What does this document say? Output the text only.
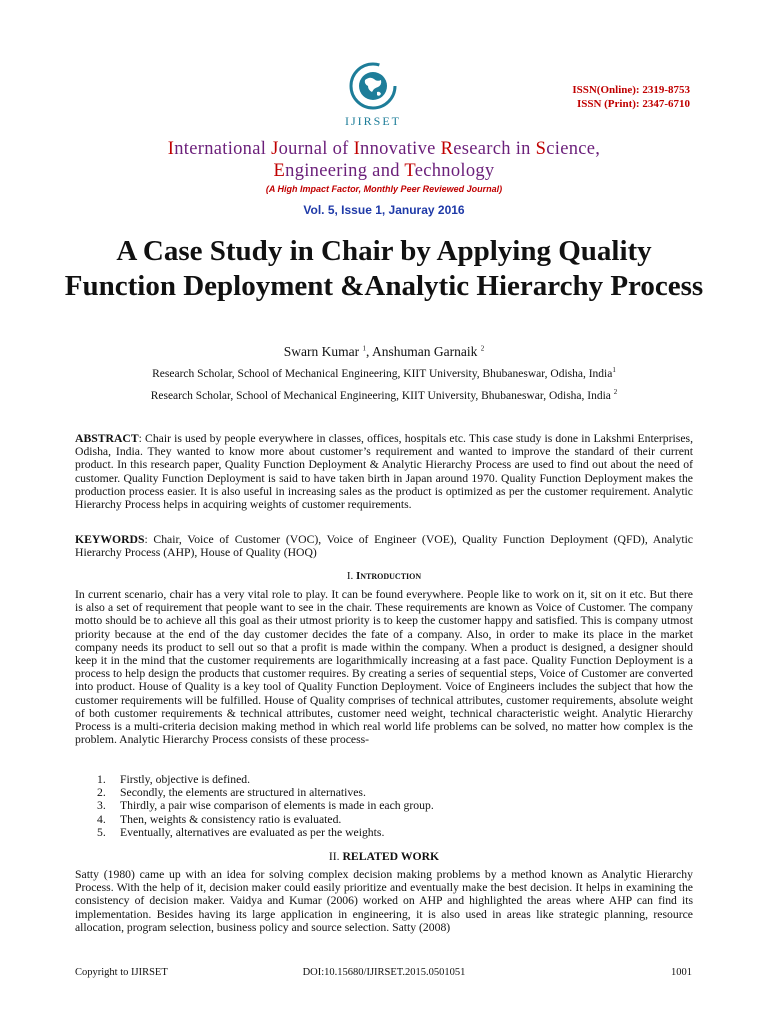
IJIRSET
ISSN(Online): 2319-8753
ISSN (Print): 2347-6710
International Journal of Innovative Research in Science,
Engineering and Technology
(A High Impact Factor, Monthly Peer Reviewed Journal)
Vol. 5, Issue 1, Januray 2016
A Case Study in Chair by Applying Quality Function Deployment &Analytic Hierarchy Process
Swarn Kumar $^1$, Anshuman Garnaik $^2$
Research Scholar, School of Mechanical Engineering, KIIT University, Bhubaneswar, Odisha, India$^1$
Research Scholar, School of Mechanical Engineering, KIIT University, Bhubaneswar, Odisha, India $^2$
ABSTRACT: Chair is used by people everywhere in classes, offices, hospitals etc. This case study is done in Lakshmi Enterprises, Odisha, India. They wanted to know more about customer’s requirement and wanted to improve the standard of their current product. In this research paper, Quality Function Deployment & Analytic Hierarchy Process are used to find out about the need of customer. Quality Function Deployment is said to have taken birth in Japan around 1970. Quality Function Deployment makes the production process easier. It is also useful in increasing sales as the product is optimized as per the customer requirement. Analytic Hierarchy Process helps in acquiring weights of customer requirements.
KEYWORDS: Chair, Voice of Customer (VOC), Voice of Engineer (VOE), Quality Function Deployment (QFD), Analytic Hierarchy Process (AHP), House of Quality (HOQ)
I. Introduction
In current scenario, chair has a very vital role to play. It can be found everywhere. People like to work on it, sit on it etc. But there is also a set of requirement that people want to see in the chair. These requirements are known as Voice of Customer. The company motto should be to achieve all this goal as their utmost priority is to keep the customer happy and satisfied. This is company utmost priority because at the end of the day customer decides the fate of a company. Also, in order to make its place in the market company needs its product to sell out so that a profit is made within the company. When a product is designed, a designer should keep it in the mind that the customer requirements are logarithmically increasing at a fast pace. Quality Function Deployment is a process to help design the products that customer requires. By creating a series of sequential steps, Voice of Customer are converted into product. House of Quality is a key tool of Quality Function Deployment. Voice of Engineers includes the subject that how the customer requirements will be fulfilled. House of Quality comprises of technical attributes, customer requirements, absolute weight of both customer requirements & technical attributes, customer need weight, technical characteristic weight. Analytic Hierarchy Process is a multi-criteria decision making method in which real world life problems can be solved, no matter how complex is the problem. Analytic Hierarchy Process consists of these process-
1. Firstly, objective is defined.
2. Secondly, the elements are structured in alternatives.
3. Thirdly, a pair wise comparison of elements is made in each group.
4. Then, weights & consistency ratio is evaluated.
5. Eventually, alternatives are evaluated as per the weights.
II. RELATED WORK
Satty (1980) came up with an idea for solving complex decision making problems by a method known as Analytic Hierarchy Process. With the help of it, decision maker could easily prioritize and eventually make the best decision. It helps in examining the consistency of decision maker. Vaidya and Kumar (2006) worked on AHP and highlighted the areas where AHP can find its implementation. Besides having its large application in engineering, it is also used in areas like strategic planning, resource allocation, program selection, business policy and source selection. Satty (2008)
Copyright to IJIRSET	DOI:10.15680/IJIRSET.2015.0501051	1001
